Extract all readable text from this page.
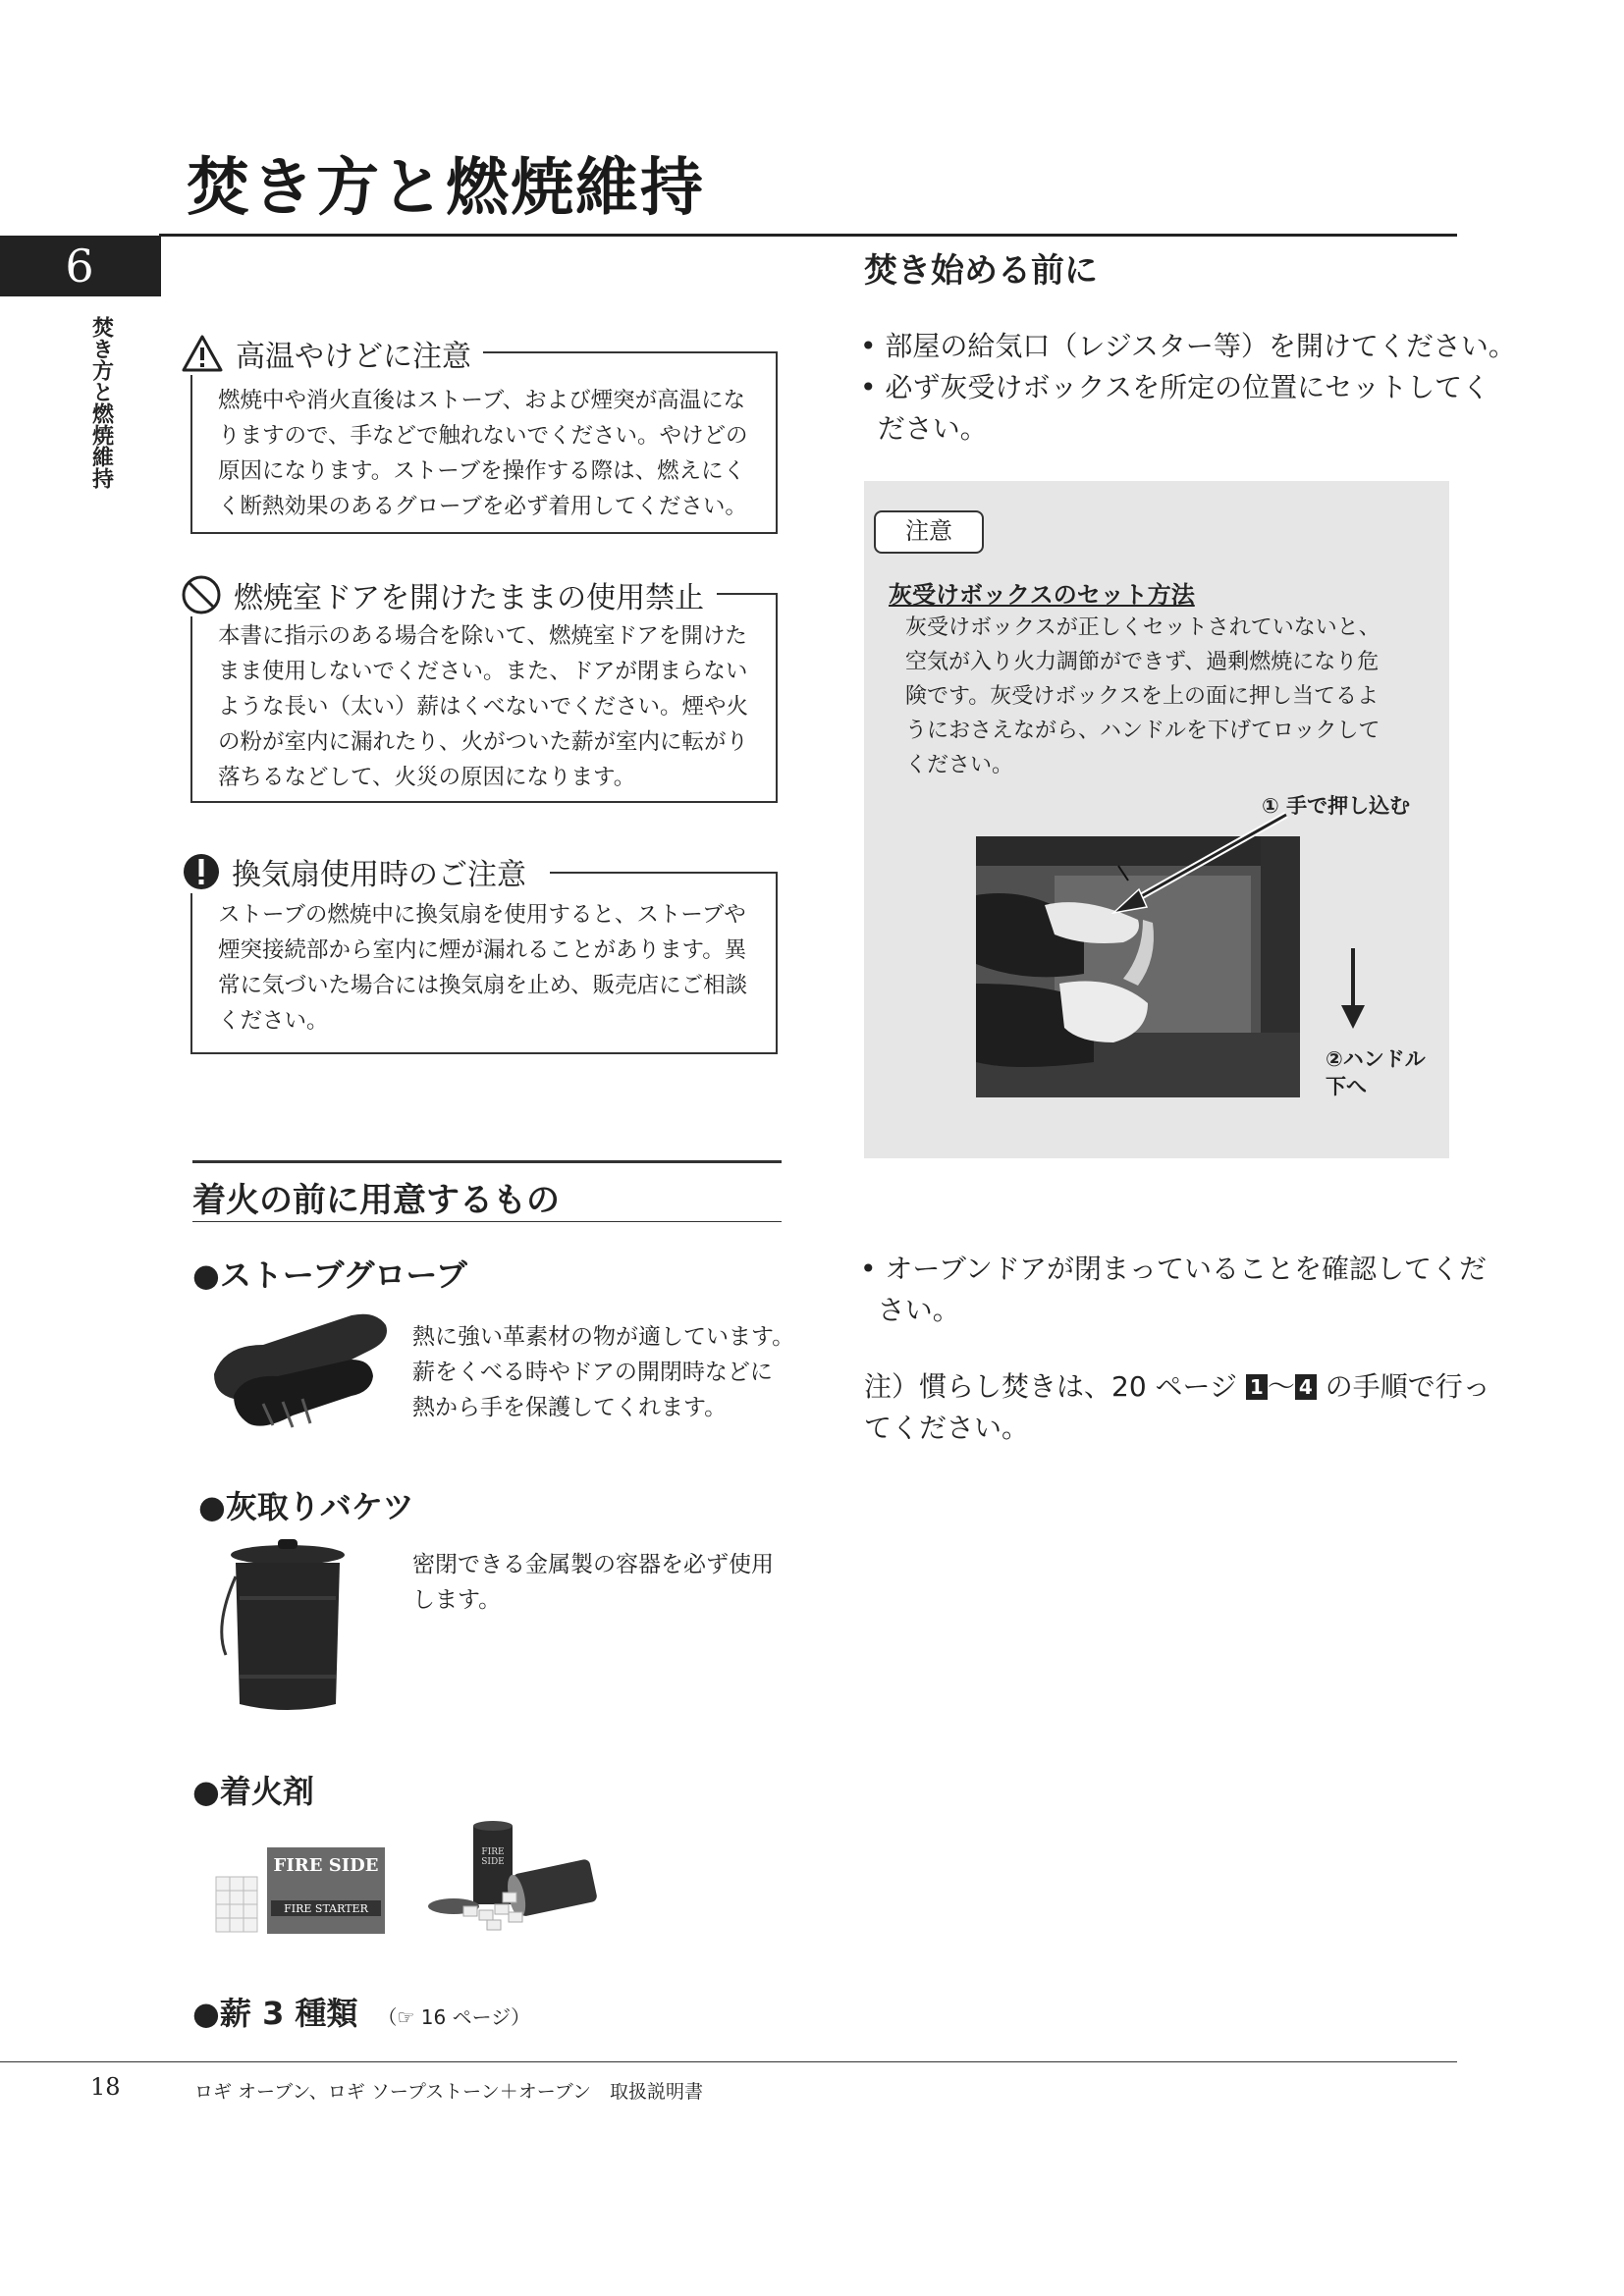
焚き方と燃焼維持
6	焚き始める前に
焚き方と燃焼維持	燃焼中や消火直後はストーブ、および煙突が高温にな
りますので、手などで触れないでください。やけどの
原因になります。ストーブを操作する際は、燃えにく
く断熱効果のあるグローブを必ず着用してください。
高温やけどに注意
本書に指示のある場合を除いて、燃焼室ドアを開けた
まま使用しないでください。また、ドアが閉まらない
ような長い（太い）薪はくべないでください。煙や火
の粉が室内に漏れたり、火がついた薪が室内に転がり
落ちるなどして、火災の原因になります。
燃焼室ドアを開けたままの使用禁止
ストーブの燃焼中に換気扇を使用すると、ストーブや
煙突接続部から室内に煙が漏れることがあります。異
常に気づいた場合には換気扇を止め、販売店にご相談
ください。
換気扇使用時のご注意
• 部屋の給気口（レジスター等）を開けてください。
• 必ず灰受けボックスを所定の位置にセットしてく
ださい。
注意
灰受けボックスのセット方法
灰受けボックスが正しくセットされていないと、
空気が入り火力調節ができず、過剰燃焼になり危
険です。灰受けボックスを上の面に押し当てるよ
うにおさえながら、ハンドルを下げてロックして
ください。
① 手で押し込む
②ハンドル
下へ
• オーブンドアが閉まっていることを確認してくだ
さい。
注）慣らし焚きは、20 ページ 1 ～ 4 の手順で行っ
てください。
着火の前に用意するもの
●ストーブグローブ
熱に強い革素材の物が適しています。
薪をくべる時やドアの開閉時などに
熱から手を保護してくれます。
●灰取りバケツ
密閉できる金属製の容器を必ず使用
します。
●着火剤
FIRE SIDE
FIRE STARTER
FIRE SIDE
●薪 3 種類 （☞ 16 ページ）
18	ロギ オーブン、ロギ ソープストーン＋オーブン　取扱説明書
